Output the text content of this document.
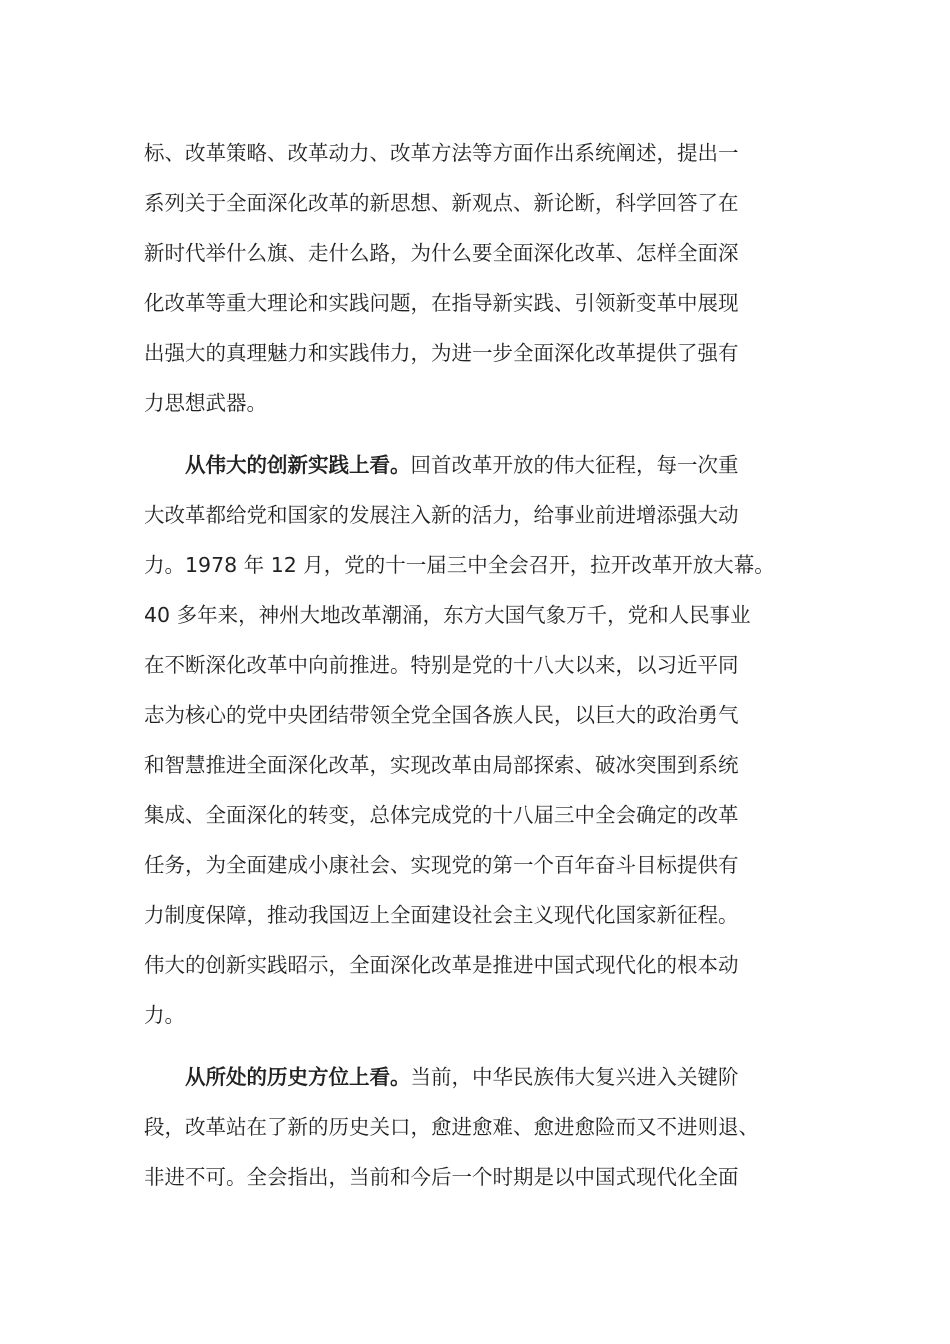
标、改革策略、改革动力、改革方法等方面作出系统阐述，提出一
系列关于全面深化改革的新思想、新观点、新论断，科学回答了在
新时代举什么旗、走什么路，为什么要全面深化改革、怎样全面深
化改革等重大理论和实践问题，在指导新实践、引领新变革中展现
出强大的真理魅力和实践伟力，为进一步全面深化改革提供了强有
力思想武器。
从伟大的创新实践上看。回首改革开放的伟大征程，每一次重
大改革都给党和国家的发展注入新的活力，给事业前进增添强大动
力。1978 年 12 月，党的十一届三中全会召开，拉开改革开放大幕。
40 多年来，神州大地改革潮涌，东方大国气象万千，党和人民事业
在不断深化改革中向前推进。特别是党的十八大以来，以习近平同
志为核心的党中央团结带领全党全国各族人民，以巨大的政治勇气
和智慧推进全面深化改革，实现改革由局部探索、破冰突围到系统
集成、全面深化的转变，总体完成党的十八届三中全会确定的改革
任务，为全面建成小康社会、实现党的第一个百年奋斗目标提供有
力制度保障，推动我国迈上全面建设社会主义现代化国家新征程。
伟大的创新实践昭示，全面深化改革是推进中国式现代化的根本动
力。
从所处的历史方位上看。当前，中华民族伟大复兴进入关键阶
段，改革站在了新的历史关口，愈进愈难、愈进愈险而又不进则退、
非进不可。全会指出，当前和今后一个时期是以中国式现代化全面
